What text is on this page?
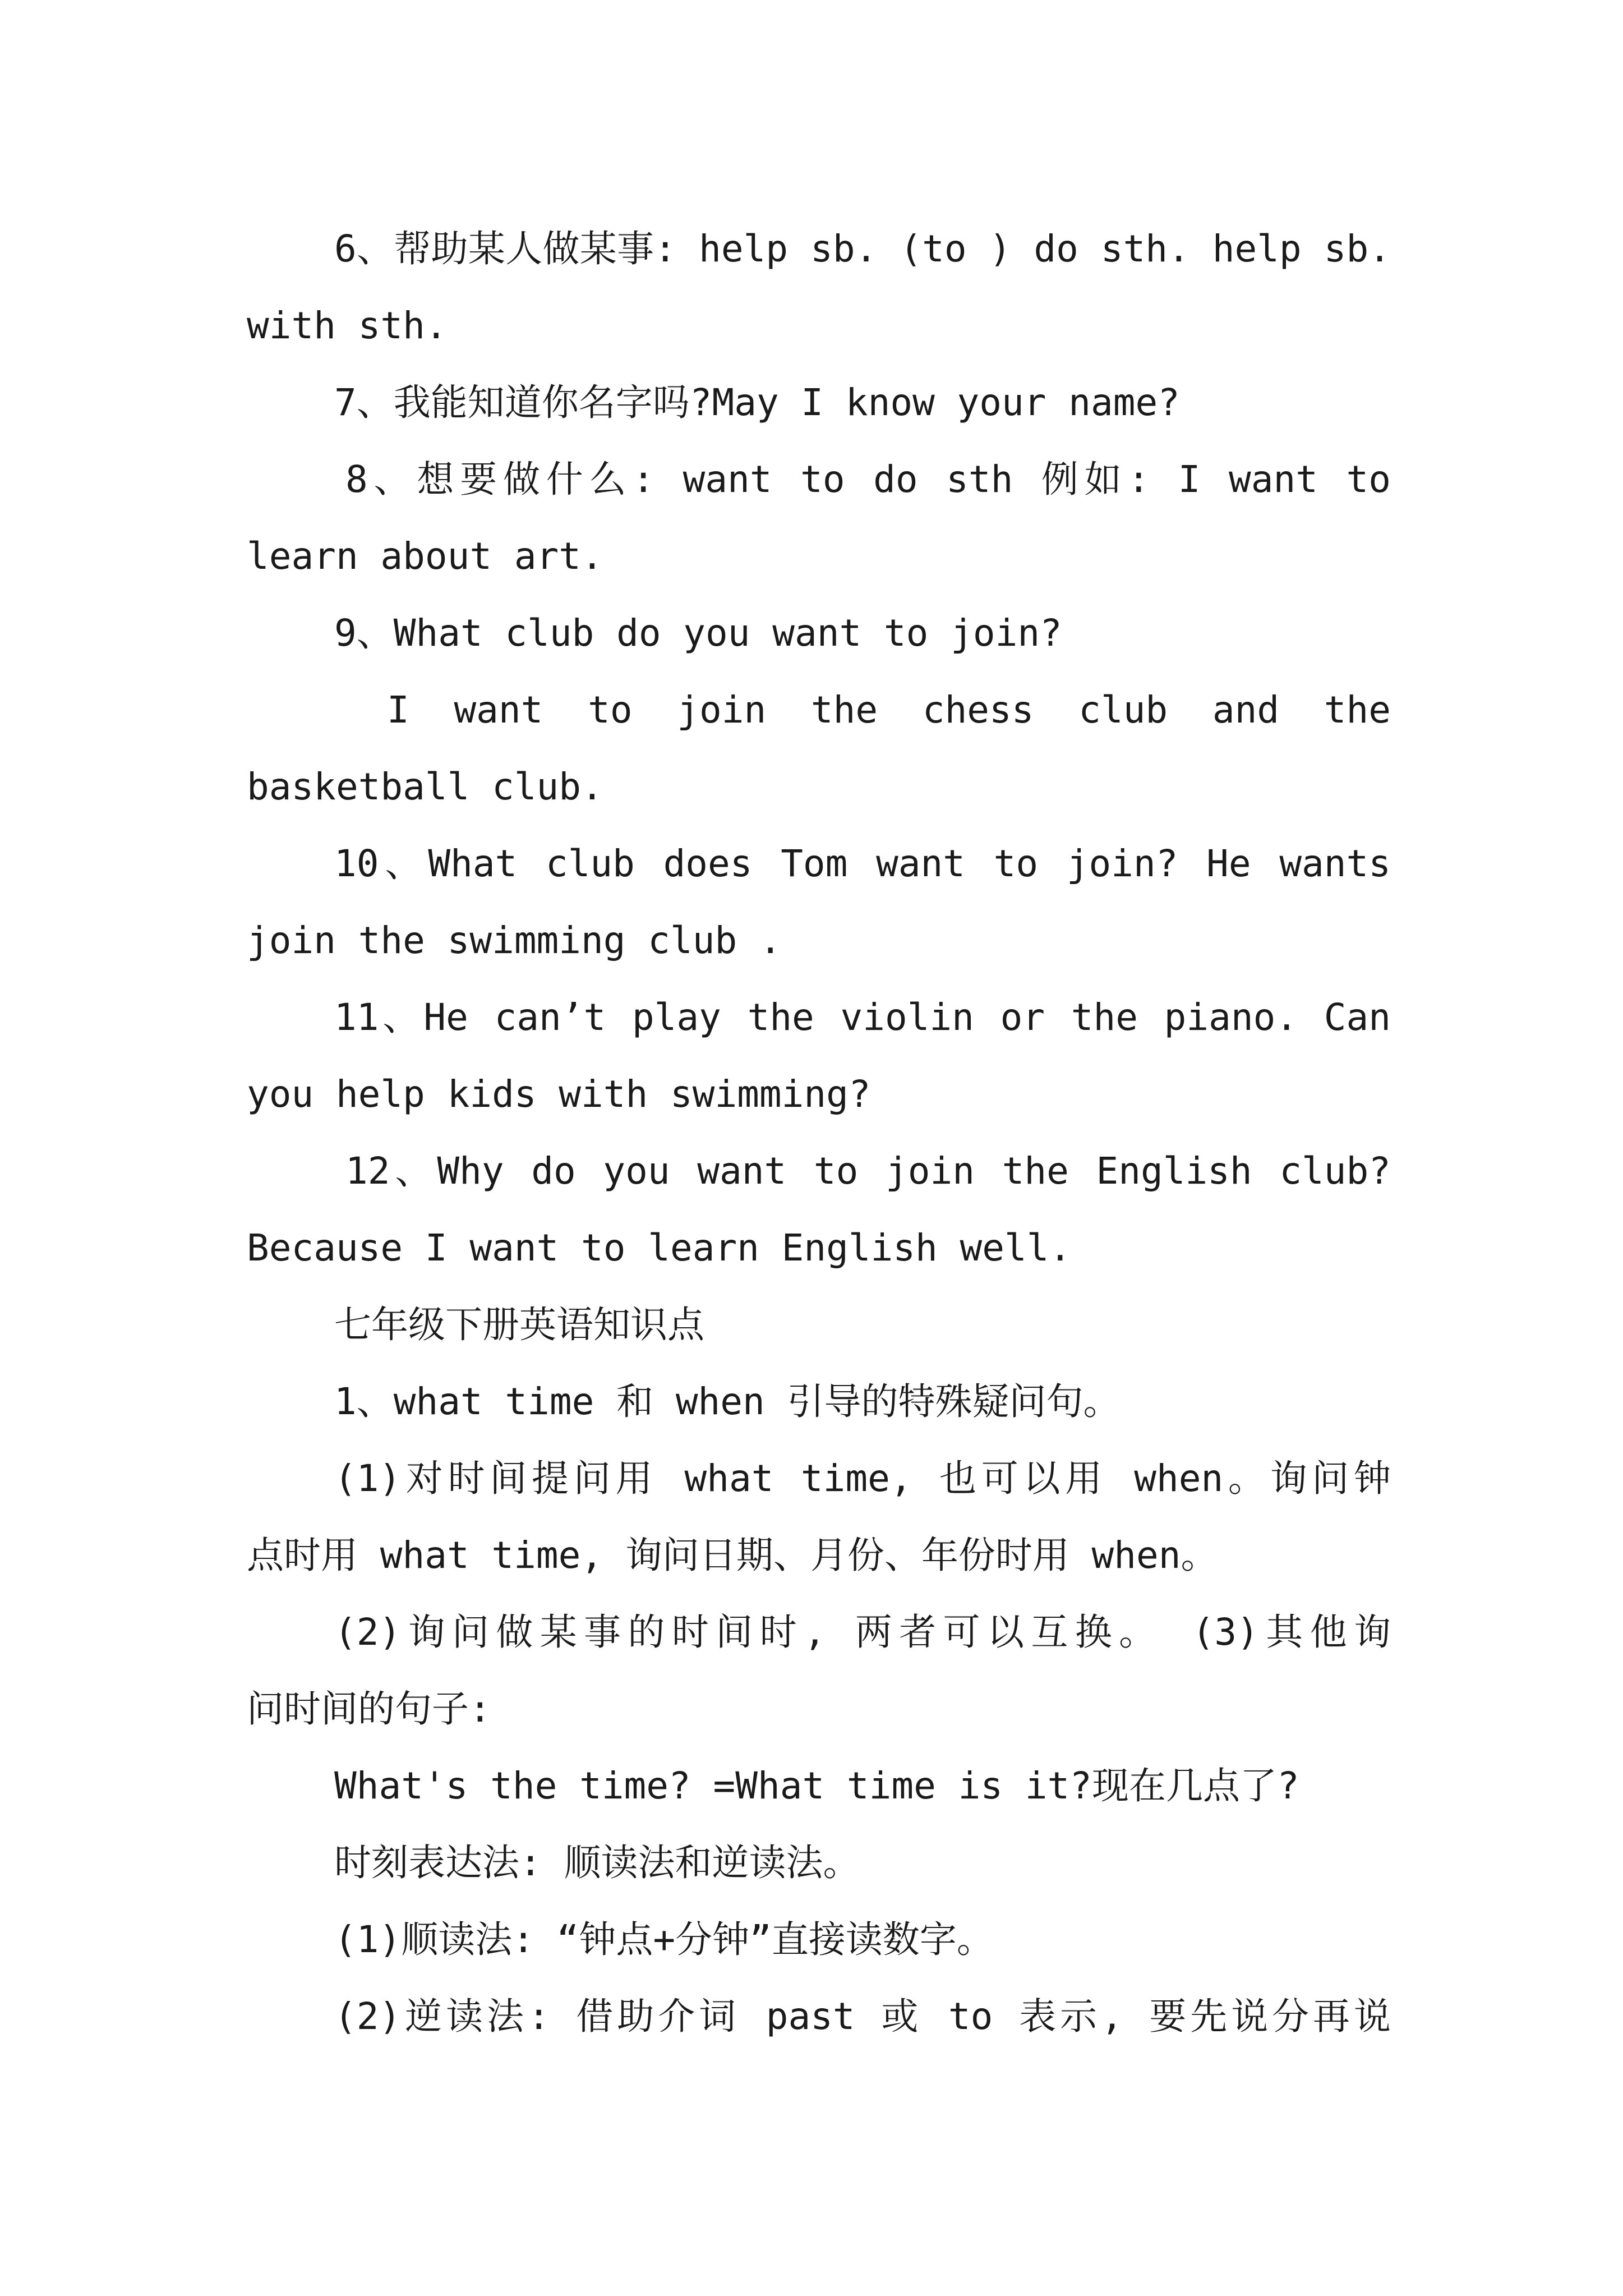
6、帮助某人做某事: help sb. (to ) do sth. help sb.
with sth.
7、我能知道你名字吗?May I know your name?
8、想要做什么: want to do sth 例如: I want to
learn about art.
9、What club do you want to join?
I want to join the chess club and the
basketball club.
10、What club does Tom want to join? He wants
join the swimming club .
11、He can’t play the violin or the piano. Can
you help kids with swimming?
12、Why do you want to join the English club?
Because I want to learn English well.
七年级下册英语知识点
1、what time 和 when 引导的特殊疑问句。
(1)对时间提问用 what time, 也可以用 when。询问钟
点时用 what time, 询问日期、月份、年份时用 when。
(2)询问做某事的时间时, 两者可以互换。 (3)其他询
问时间的句子:
What's the time? =What time is it?现在几点了?
时刻表达法: 顺读法和逆读法。
(1)顺读法: “钟点+分钟”直接读数字。
(2)逆读法: 借助介词 past 或 to 表示, 要先说分再说
